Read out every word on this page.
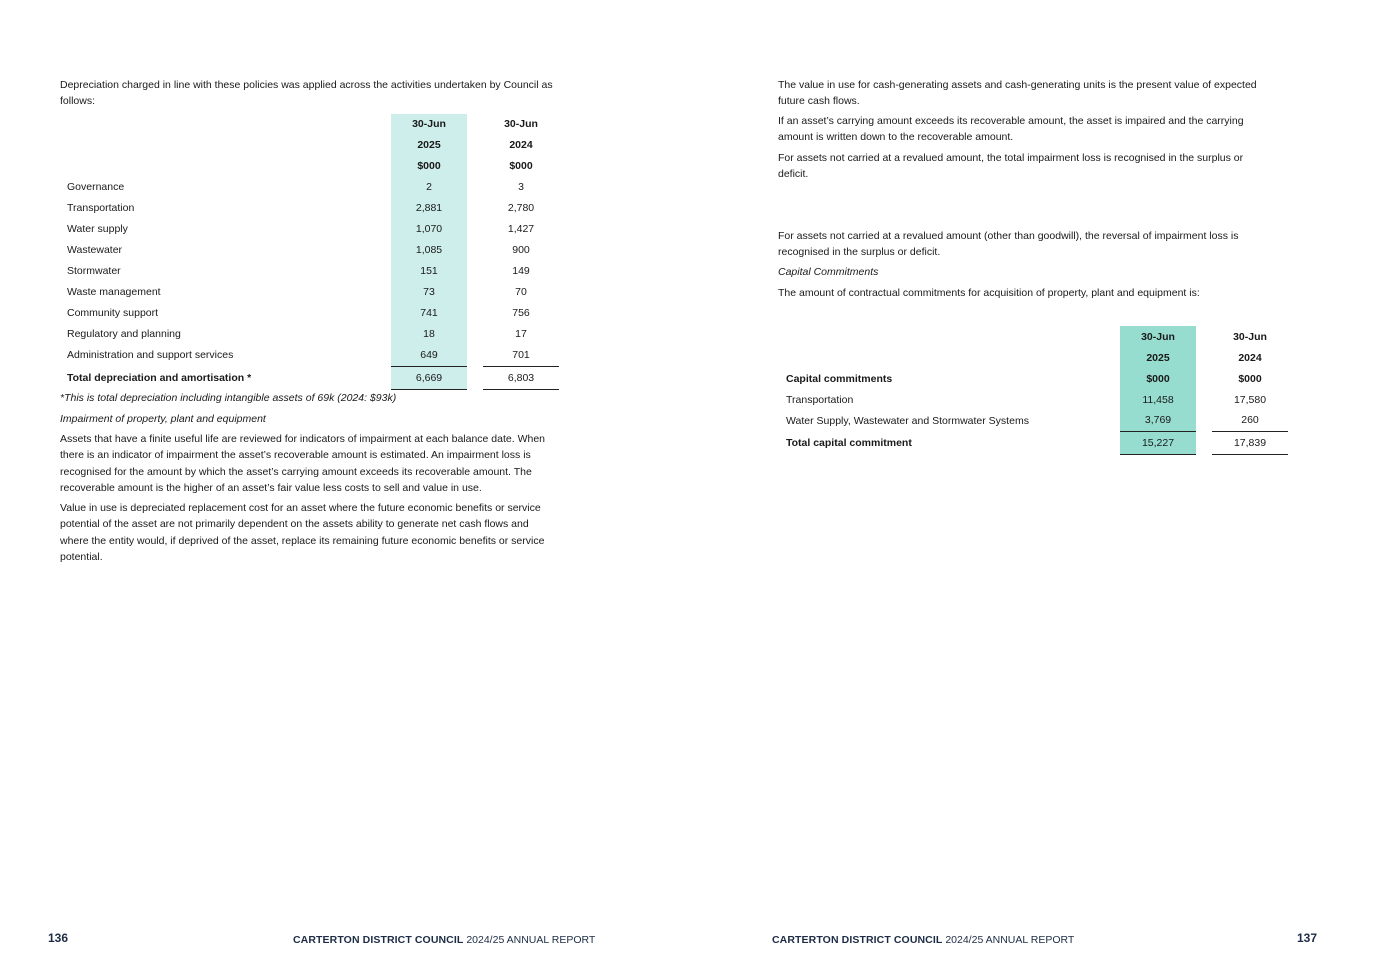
Depreciation charged in line with these policies was applied across the activities undertaken by Council as follows:

	30-Jun		30-Jun
	2025		2024
	$000		$000
Governance	2		3
Transportation	2,881		2,780
Water supply	1,070		1,427
Wastewater	1,085		900
Stormwater	151		149
Waste management	73		70
Community support	741		756
Regulatory and planning	18		17
Administration and support services	649		701
Total depreciation and amortisation *	6,669		6,803

*This is total depreciation including intangible assets of 69k (2024: $93k)

Impairment of property, plant and equipment

Assets that have a finite useful life are reviewed for indicators of impairment at each balance date. When there is an indicator of impairment the asset’s recoverable amount is estimated. An impairment loss is recognised for the amount by which the asset’s carrying amount exceeds its recoverable amount. The recoverable amount is the higher of an asset’s fair value less costs to sell and value in use.

Value in use is depreciated replacement cost for an asset where the future economic benefits or service potential of the asset are not primarily dependent on the assets ability to generate net cash flows and where the entity would, if deprived of the asset, replace its remaining future economic benefits or service potential.

136	CARTERTON DISTRICT COUNCIL 2024/25 ANNUAL REPORT

The value in use for cash-generating assets and cash-generating units is the present value of expected future cash flows.

If an asset’s carrying amount exceeds its recoverable amount, the asset is impaired and the carrying amount is written down to the recoverable amount.

For assets not carried at a revalued amount, the total impairment loss is recognised in the surplus or deficit.

For assets not carried at a revalued amount (other than goodwill), the reversal of impairment loss is recognised in the surplus or deficit.

Capital Commitments

The amount of contractual commitments for acquisition of property, plant and equipment is:

	30-Jun		30-Jun
	2025		2024
Capital commitments	$000		$000
Transportation	11,458		17,580
Water Supply, Wastewater and Stormwater Systems	3,769		260
Total capital commitment	15,227		17,839
CARTERTON DISTRICT COUNCIL 2024/25 ANNUAL REPORT	137
